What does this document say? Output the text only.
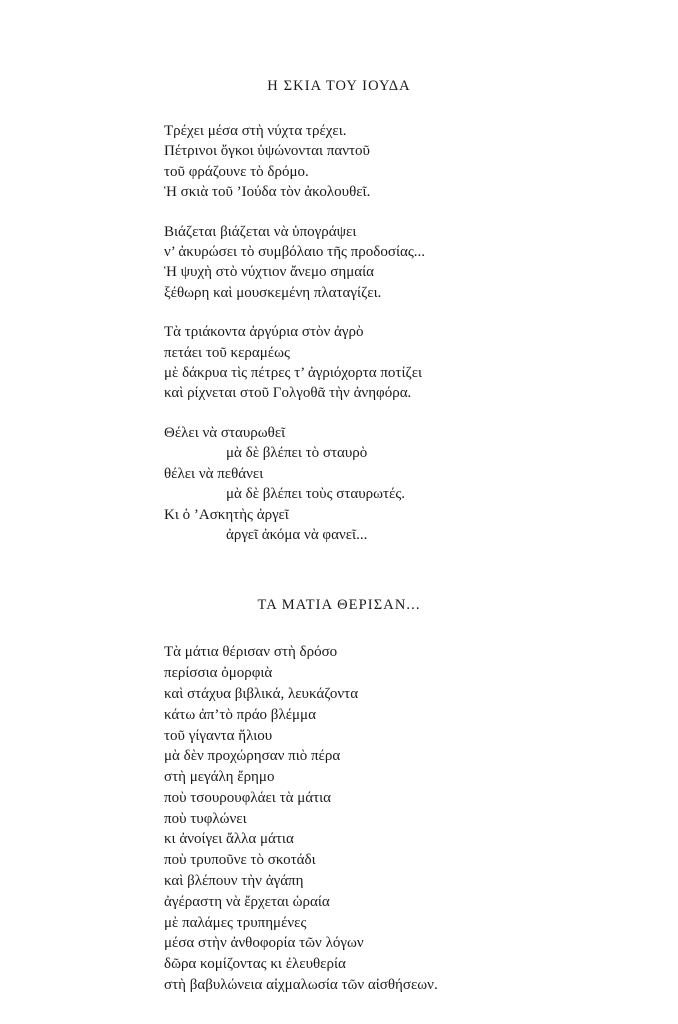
Η ΣΚΙΑ ΤΟΥ ΙΟΥΔΑ
Τρέχει μέσα στὴ νύχτα τρέχει.
Πέτρινοι ὄγκοι ὑψώνονται παντοῦ
τοῦ φράζουνε τὸ δρόμο.
Ἡ σκιὰ τοῦ ’Ιούδα τὸν ἀκολουθεῖ.
Βιάζεται βιάζεται νὰ ὑπογράψει
ν’ ἀκυρώσει τὸ συμβόλαιο τῆς προδοσίας...
Ἡ ψυχὴ στὸ νύχτιον ἄνεμο σημαία
ξέθωρη καὶ μουσκεμένη πλαταγίζει.
Τὰ τριάκοντα ἀργύρια στὸν ἀγρὸ
πετάει τοῦ κεραμέως
μὲ δάκρυα τὶς πέτρες τ’ ἀγριόχορτα ποτίζει
καὶ ρίχνεται στοῦ Γολγοθᾶ τὴν ἀνηφόρα.
Θέλει νὰ σταυρωθεῖ
μὰ δὲ βλέπει τὸ σταυρὸ
θέλει νὰ πεθάνει
μὰ δὲ βλέπει τοὺς σταυρωτές.
Κι ὁ ’Ασκητὴς ἀργεῖ
ἀργεῖ ἀκόμα νὰ φανεῖ...
ΤΑ ΜΑΤΙΑ ΘΕΡΙΣΑΝ...
Τὰ μάτια θέρισαν στὴ δρόσο
περίσσια ὀμορφιὰ
καὶ στάχυα βιβλικά, λευκάζοντα
κάτω ἀπ’τὸ πράο βλέμμα
τοῦ γίγαντα ἥλιου
μὰ δὲν προχώρησαν πιὸ πέρα
στὴ μεγάλη ἔρημο
ποὺ τσουρουφλάει τὰ μάτια
ποὺ τυφλώνει
κι ἀνοίγει ἄλλα μάτια
ποὺ τρυποῦνε τὸ σκοτάδι
καὶ βλέπουν τὴν ἀγάπη
ἀγέραστη νὰ ἔρχεται ὡραία
μὲ παλάμες τρυπημένες
μέσα στὴν ἀνθοφορία τῶν λόγων
δῶρα κομίζοντας κι ἐλευθερία
στὴ βαβυλώνεια αἰχμαλωσία τῶν αἰσθήσεων.
